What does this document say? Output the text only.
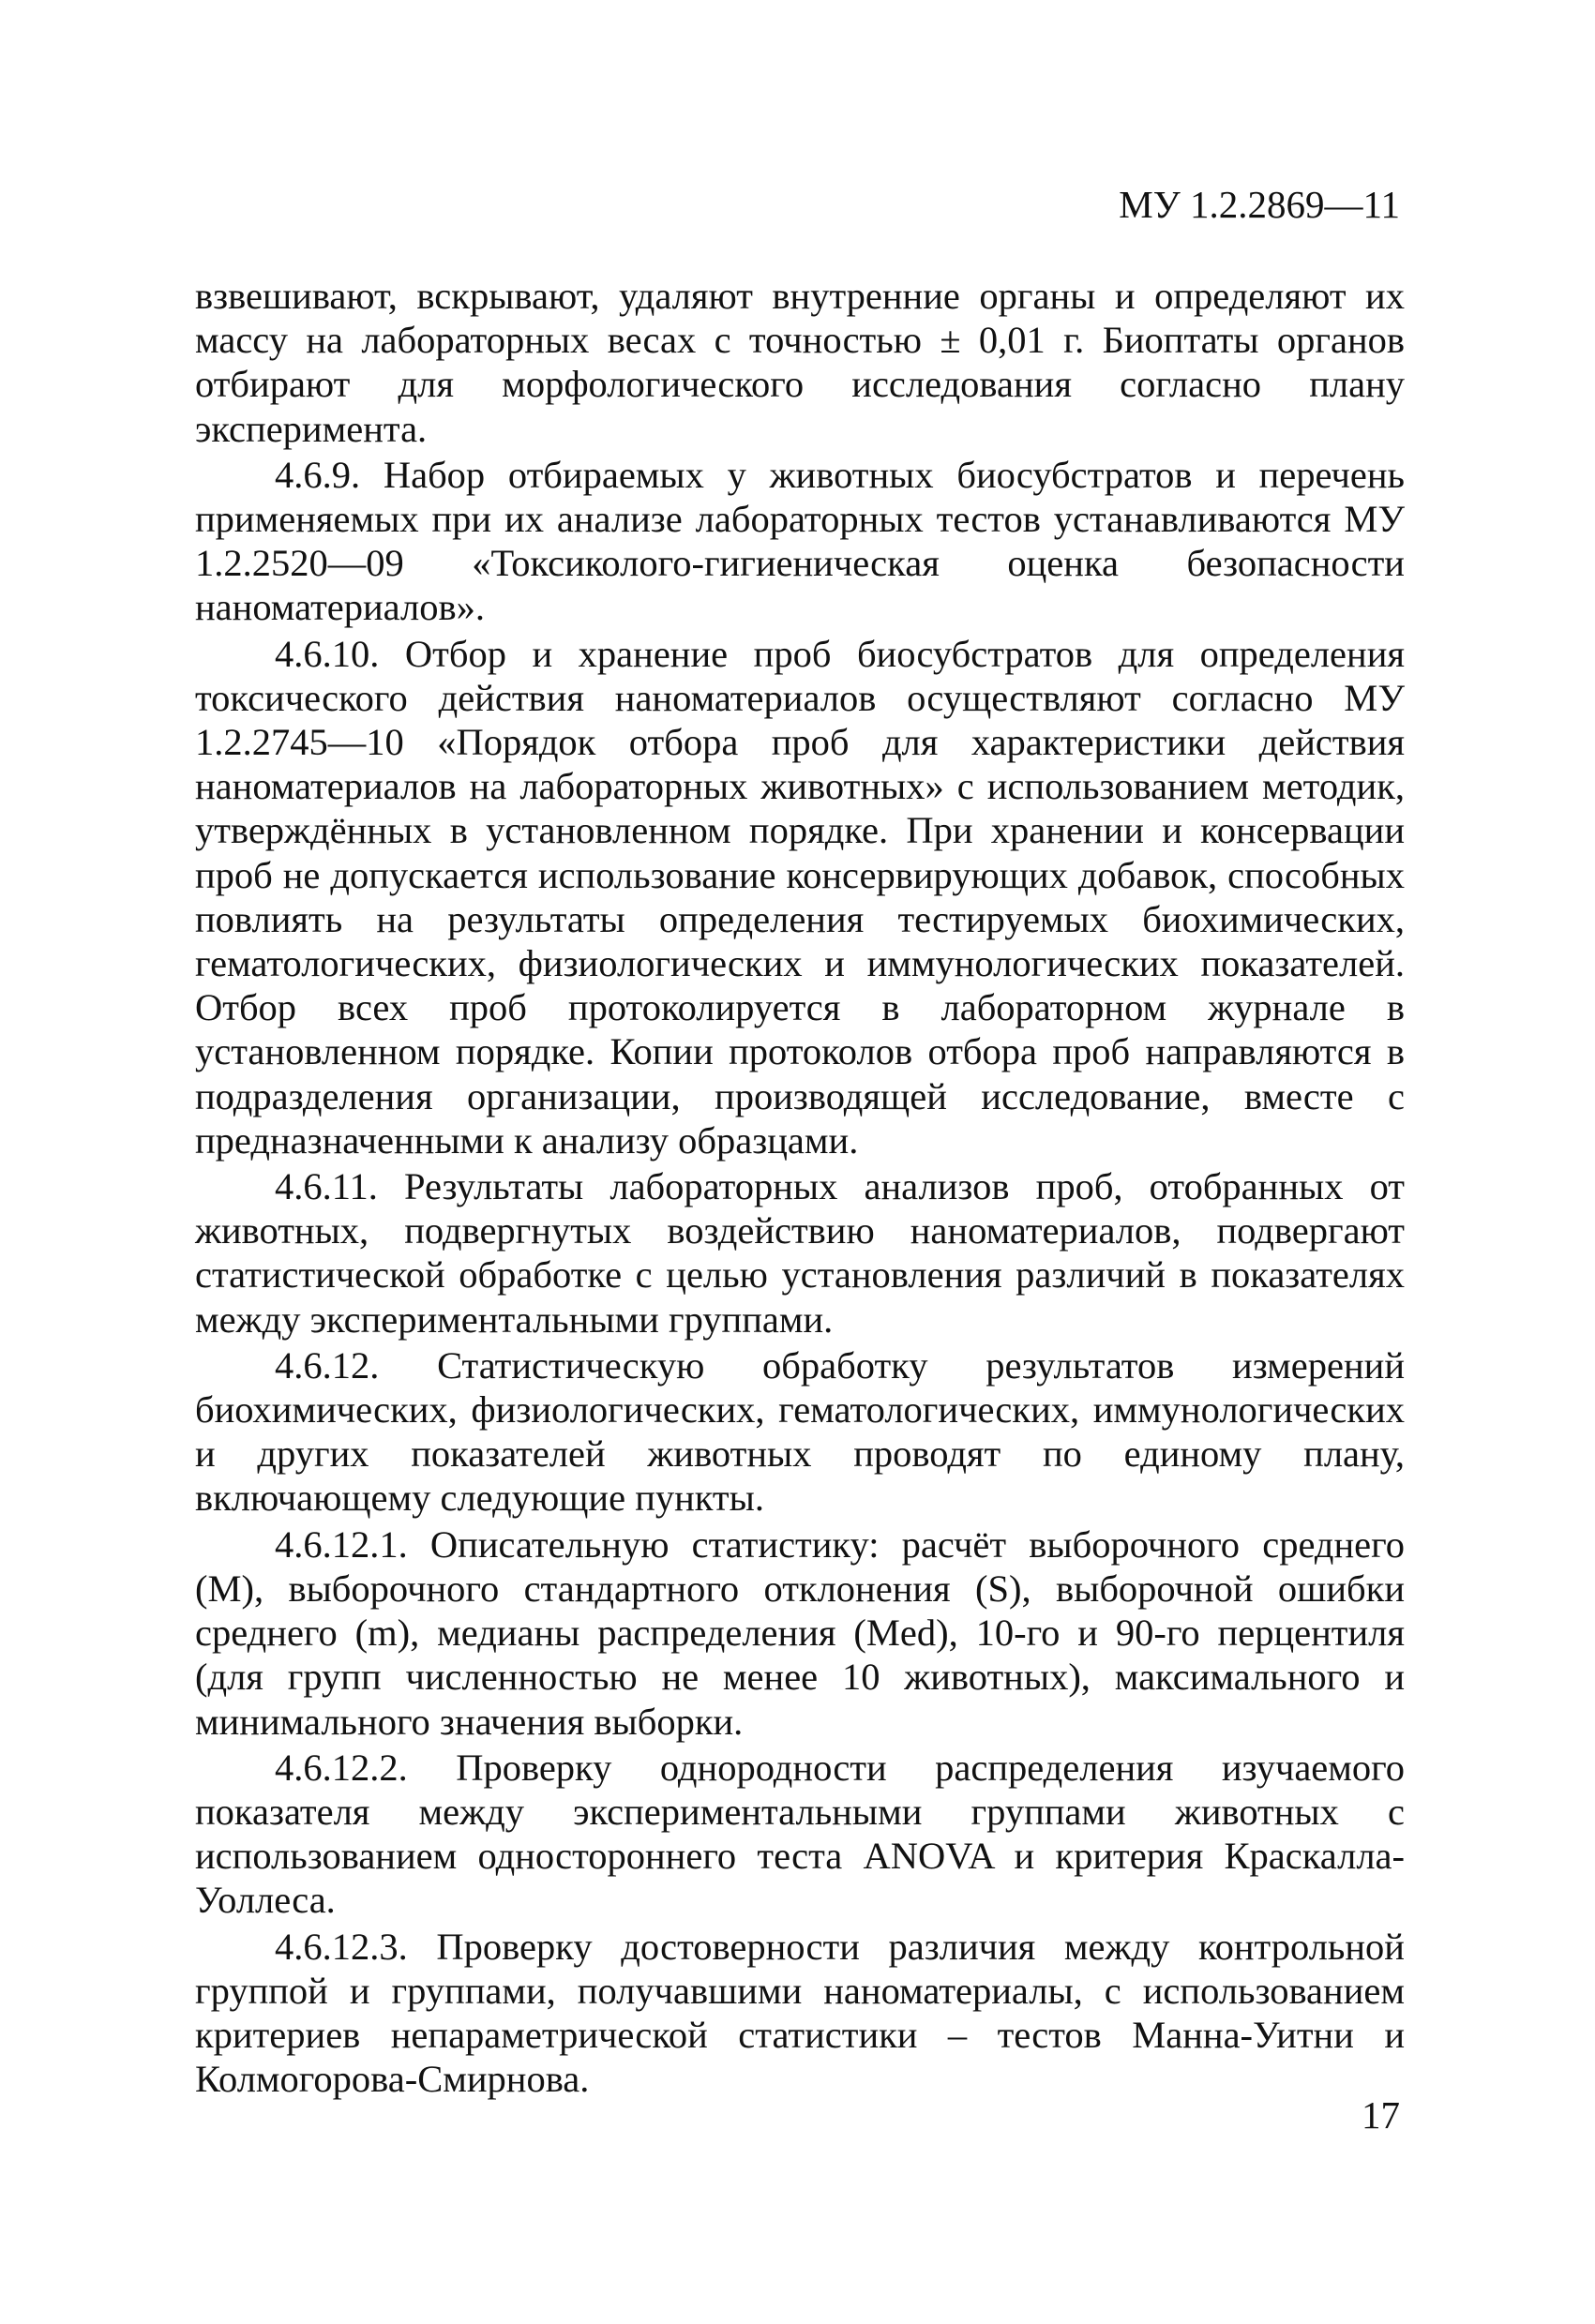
МУ 1.2.2869—11

взвешивают, вскрывают, удаляют внутренние органы и определяют их массу на лабораторных весах с точностью ± 0,01 г. Биоптаты органов отбирают для морфологического исследования согласно плану эксперимента.

4.6.9. Набор отбираемых у животных биосубстратов и перечень применяемых при их анализе лабораторных тестов устанавливаются МУ 1.2.2520—09 «Токсиколого-гигиеническая оценка безопасности наноматериалов».

4.6.10. Отбор и хранение проб биосубстратов для определения токсического действия наноматериалов осуществляют согласно МУ 1.2.2745—10 «Порядок отбора проб для характеристики действия наноматериалов на лабораторных животных» с использованием методик, утверждённых в установленном порядке. При хранении и консервации проб не допускается использование консервирующих добавок, способных повлиять на результаты определения тестируемых биохимических, гематологических, физиологических и иммунологических показателей. Отбор всех проб протоколируется в лабораторном журнале в установленном порядке. Копии протоколов отбора проб направляются в подразделения организации, производящей исследование, вместе с предназначенными к анализу образцами.

4.6.11. Результаты лабораторных анализов проб, отобранных от животных, подвергнутых воздействию наноматериалов, подвергают статистической обработке с целью установления различий в показателях между экспериментальными группами.

4.6.12. Статистическую обработку результатов измерений биохимических, физиологических, гематологических, иммунологических и других показателей животных проводят по единому плану, включающему следующие пункты.

4.6.12.1. Описательную статистику: расчёт выборочного среднего (M), выборочного стандартного отклонения (S), выборочной ошибки среднего (m), медианы распределения (Med), 10-го и 90-го перцентиля (для групп численностью не менее 10 животных), максимального и минимального значения выборки.

4.6.12.2. Проверку однородности распределения изучаемого показателя между экспериментальными группами животных с использованием одностороннего теста ANOVA и критерия Краскалла-Уоллеса.

4.6.12.3. Проверку достоверности различия между контрольной группой и группами, получавшими наноматериалы, с использованием критериев непараметрической статистики – тестов Манна-Уитни и Колмогорова-Смирнова.

17
